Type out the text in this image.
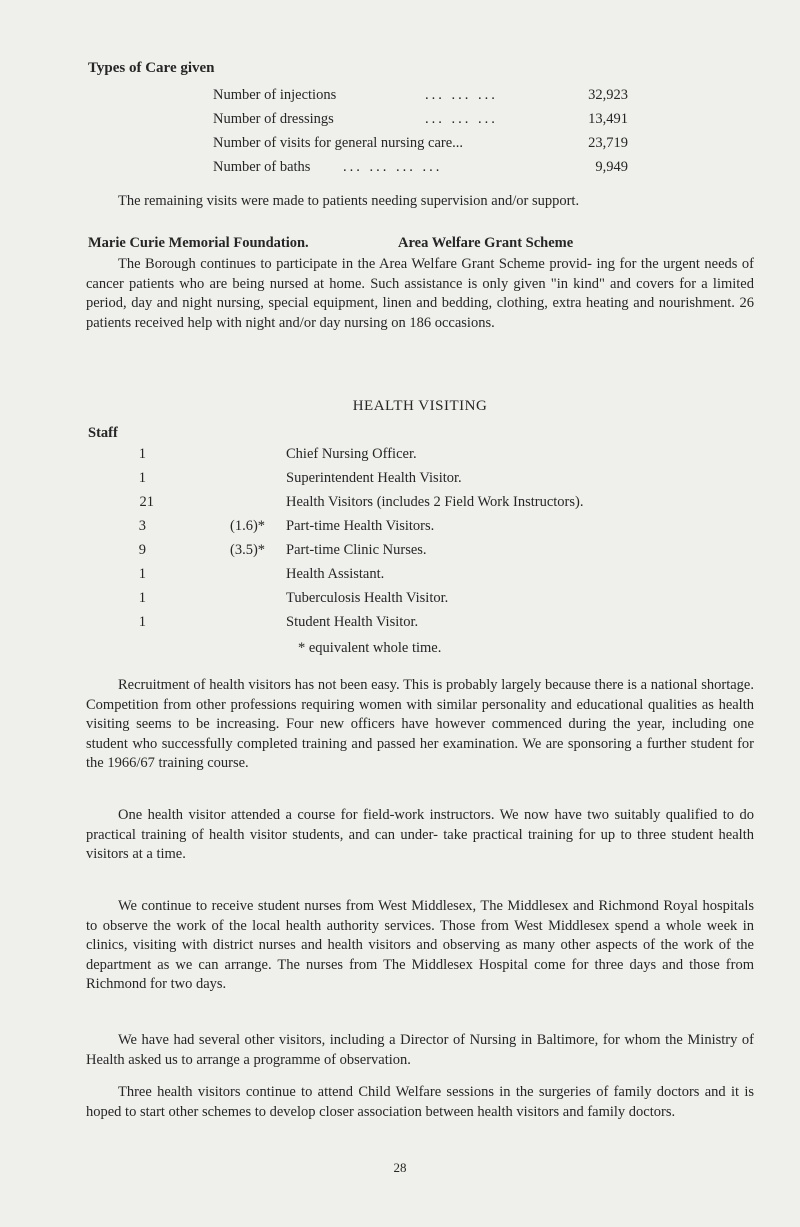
Types of Care given
Number of injections	... ... ...	32,923
Number of dressings	... ... ...	13,491
Number of visits for general nursing care...	23,719
Number of baths ... ... ... ...	9,949
The remaining visits were made to patients needing supervision and/or support.
Marie Curie Memorial Foundation.	Area Welfare Grant Scheme

The Borough continues to participate in the Area Welfare Grant Scheme provid- ing for the urgent needs of cancer patients who are being nursed at home. Such assistance is only given "in kind" and covers for a limited period, day and night nursing, special equipment, linen and bedding, clothing, extra heating and nourishment. 26 patients received help with night and/or day nursing on 186 occasions.

HEALTH VISITING
Staff
1	Chief Nursing Officer.
1	Superintendent Health Visitor.
21	Health Visitors (includes 2 Field Work Instructors).
3	(1.6)* Part-time Health Visitors.
9	(3.5)* Part-time Clinic Nurses.
1	Health Assistant.
1	Tuberculosis Health Visitor.
1	Student Health Visitor.
* equivalent whole time.

Recruitment of health visitors has not been easy. This is probably largely because there is a national shortage. Competition from other professions requiring women with similar personality and educational qualities as health visiting seems to be increasing. Four new officers have however commenced during the year, including one student who successfully completed training and passed her examination. We are sponsoring a further student for the 1966/67 training course.

One health visitor attended a course for field-work instructors. We now have two suitably qualified to do practical training of health visitor students, and can under- take practical training for up to three student health visitors at a time.

We continue to receive student nurses from West Middlesex, The Middlesex and Richmond Royal hospitals to observe the work of the local health authority services. Those from West Middlesex spend a whole week in clinics, visiting with district nurses and health visitors and observing as many other aspects of the work of the department as we can arrange. The nurses from The Middlesex Hospital come for three days and those from Richmond for two days.

We have had several other visitors, including a Director of Nursing in Baltimore, for whom the Ministry of Health asked us to arrange a programme of observation.

Three health visitors continue to attend Child Welfare sessions in the surgeries of family doctors and it is hoped to start other schemes to develop closer association between health visitors and family doctors.

28
